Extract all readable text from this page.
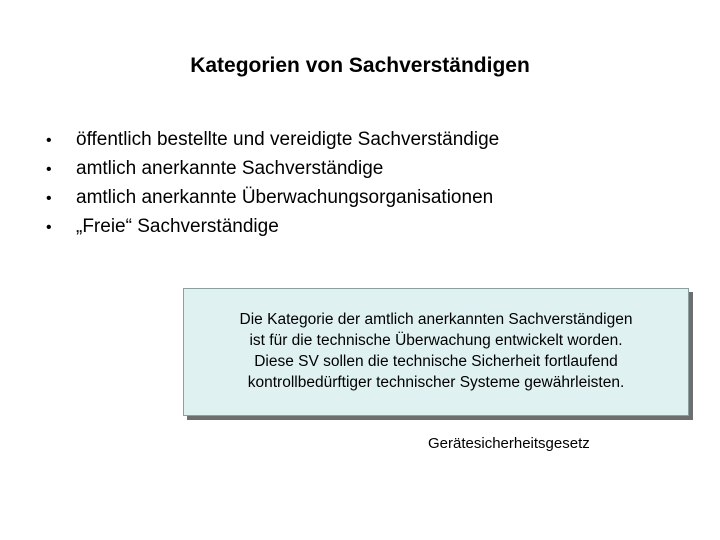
Kategorien von Sachverständigen
•	öffentlich bestellte und vereidigte Sachverständige
•	amtlich anerkannte Sachverständige
•	amtlich anerkannte Überwachungsorganisationen
•	„Freie“ Sachverständige
Die Kategorie der amtlich anerkannten Sachverständigen
ist für die technische Überwachung entwickelt worden.
Diese SV sollen die technische Sicherheit fortlaufend
kontrollbedürftiger technischer Systeme gewährleisten.
Gerätesicherheitsgesetz
